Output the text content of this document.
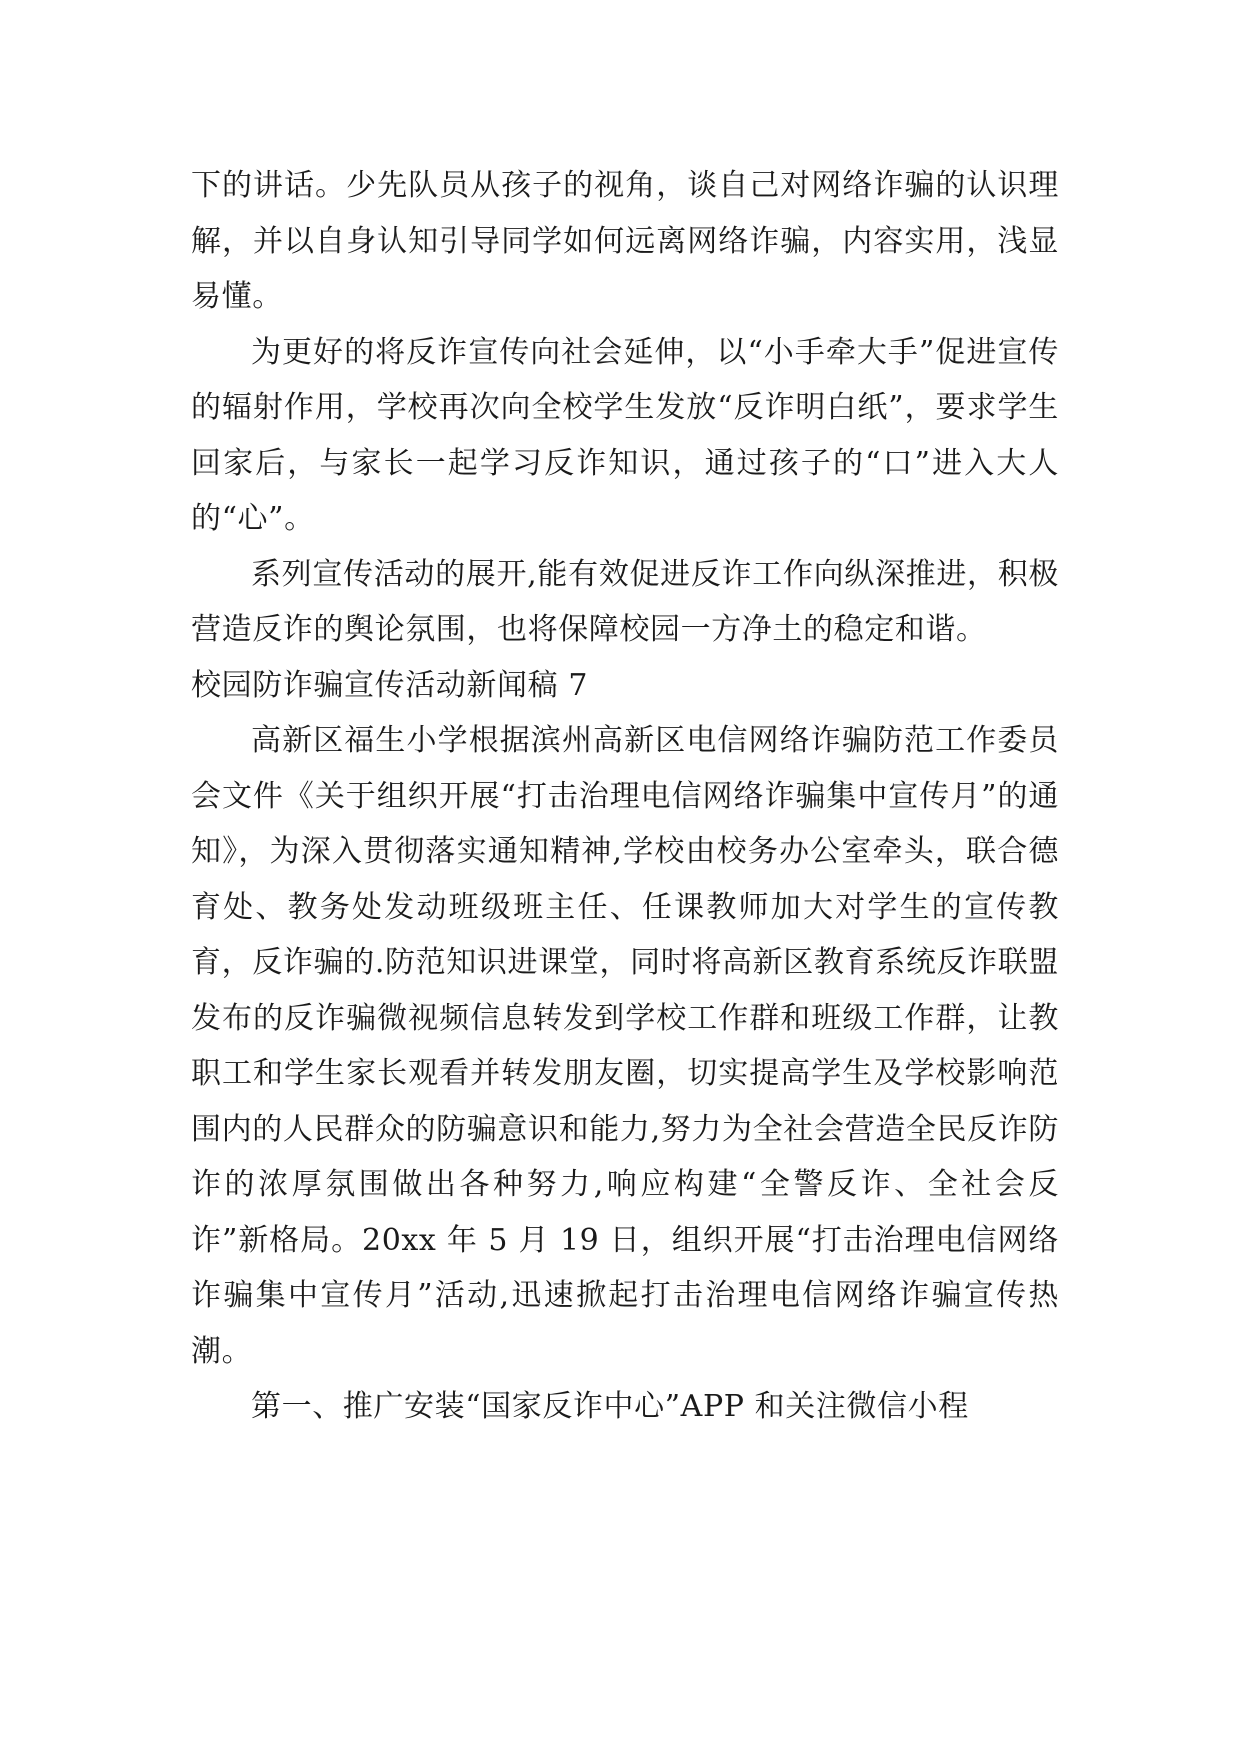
下的讲话。少先队员从孩子的视角，谈自己对网络诈骗的认识理解，并以自身认知引导同学如何远离网络诈骗，内容实用，浅显易懂。

为更好的将反诈宣传向社会延伸，以“小手牵大手”促进宣传的辐射作用，学校再次向全校学生发放“反诈明白纸”，要求学生回家后，与家长一起学习反诈知识，通过孩子的“口”进入大人的“心”。

系列宣传活动的展开,能有效促进反诈工作向纵深推进，积极营造反诈的舆论氛围，也将保障校园一方净土的稳定和谐。

校园防诈骗宣传活动新闻稿 7

高新区福生小学根据滨州高新区电信网络诈骗防范工作委员会文件《关于组织开展“打击治理电信网络诈骗集中宣传月”的通知》，为深入贯彻落实通知精神,学校由校务办公室牵头，联合德育处、教务处发动班级班主任、任课教师加大对学生的宣传教育，反诈骗的.防范知识进课堂，同时将高新区教育系统反诈联盟发布的反诈骗微视频信息转发到学校工作群和班级工作群，让教职工和学生家长观看并转发朋友圈，切实提高学生及学校影响范围内的人民群众的防骗意识和能力,努力为全社会营造全民反诈防诈的浓厚氛围做出各种努力,响应构建“全警反诈、全社会反诈”新格局。20xx 年 5 月 19 日，组织开展“打击治理电信网络诈骗集中宣传月”活动,迅速掀起打击治理电信网络诈骗宣传热潮。

第一、推广安装“国家反诈中心”APP 和关注微信小程
